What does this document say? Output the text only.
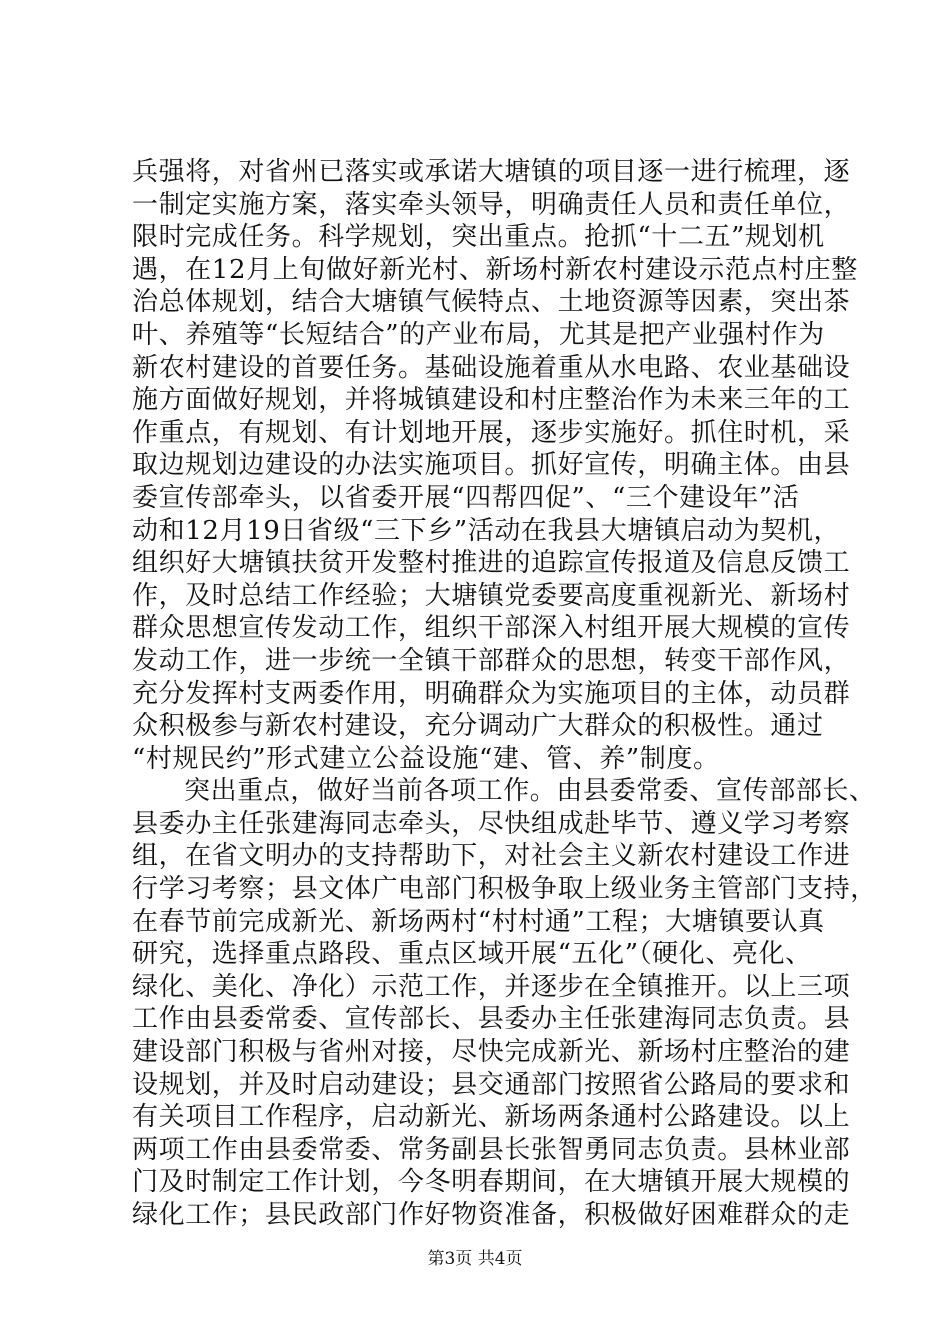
兵强将，对省州已落实或承诺大塘镇的项目逐一进行梳理，逐
一制定实施方案，落实牵头领导，明确责任人员和责任单位，
限时完成任务。科学规划，突出重点。抢抓“十二五”规划机
遇，在12月上旬做好新光村、新场村新农村建设示范点村庄整
治总体规划，结合大塘镇气候特点、土地资源等因素，突出茶
叶、养殖等“长短结合”的产业布局，尤其是把产业强村作为
新农村建设的首要任务。基础设施着重从水电路、农业基础设
施方面做好规划，并将城镇建设和村庄整治作为未来三年的工
作重点，有规划、有计划地开展，逐步实施好。抓住时机，采
取边规划边建设的办法实施项目。抓好宣传，明确主体。由县
委宣传部牵头，以省委开展“四帮四促”、“三个建设年”活
动和12月19日省级“三下乡”活动在我县大塘镇启动为契机，
组织好大塘镇扶贫开发整村推进的追踪宣传报道及信息反馈工
作，及时总结工作经验；大塘镇党委要高度重视新光、新场村
群众思想宣传发动工作，组织干部深入村组开展大规模的宣传
发动工作，进一步统一全镇干部群众的思想，转变干部作风，
充分发挥村支两委作用，明确群众为实施项目的主体，动员群
众积极参与新农村建设，充分调动广大群众的积极性。通过
“村规民约”形式建立公益设施“建、管、养”制度。
突出重点，做好当前各项工作。由县委常委、宣传部部长、
县委办主任张建海同志牵头，尽快组成赴毕节、遵义学习考察
组，在省文明办的支持帮助下，对社会主义新农村建设工作进
行学习考察；县文体广电部门积极争取上级业务主管部门支持，
在春节前完成新光、新场两村“村村通”工程；大塘镇要认真
研究，选择重点路段、重点区域开展“五化”（硬化、亮化、
绿化、美化、净化）示范工作，并逐步在全镇推开。以上三项
工作由县委常委、宣传部长、县委办主任张建海同志负责。县
建设部门积极与省州对接，尽快完成新光、新场村庄整治的建
设规划，并及时启动建设；县交通部门按照省公路局的要求和
有关项目工作程序，启动新光、新场两条通村公路建设。以上
两项工作由县委常委、常务副县长张智勇同志负责。县林业部
门及时制定工作计划，今冬明春期间，在大塘镇开展大规模的
绿化工作；县民政部门作好物资准备，积极做好困难群众的走
第3页 共4页
